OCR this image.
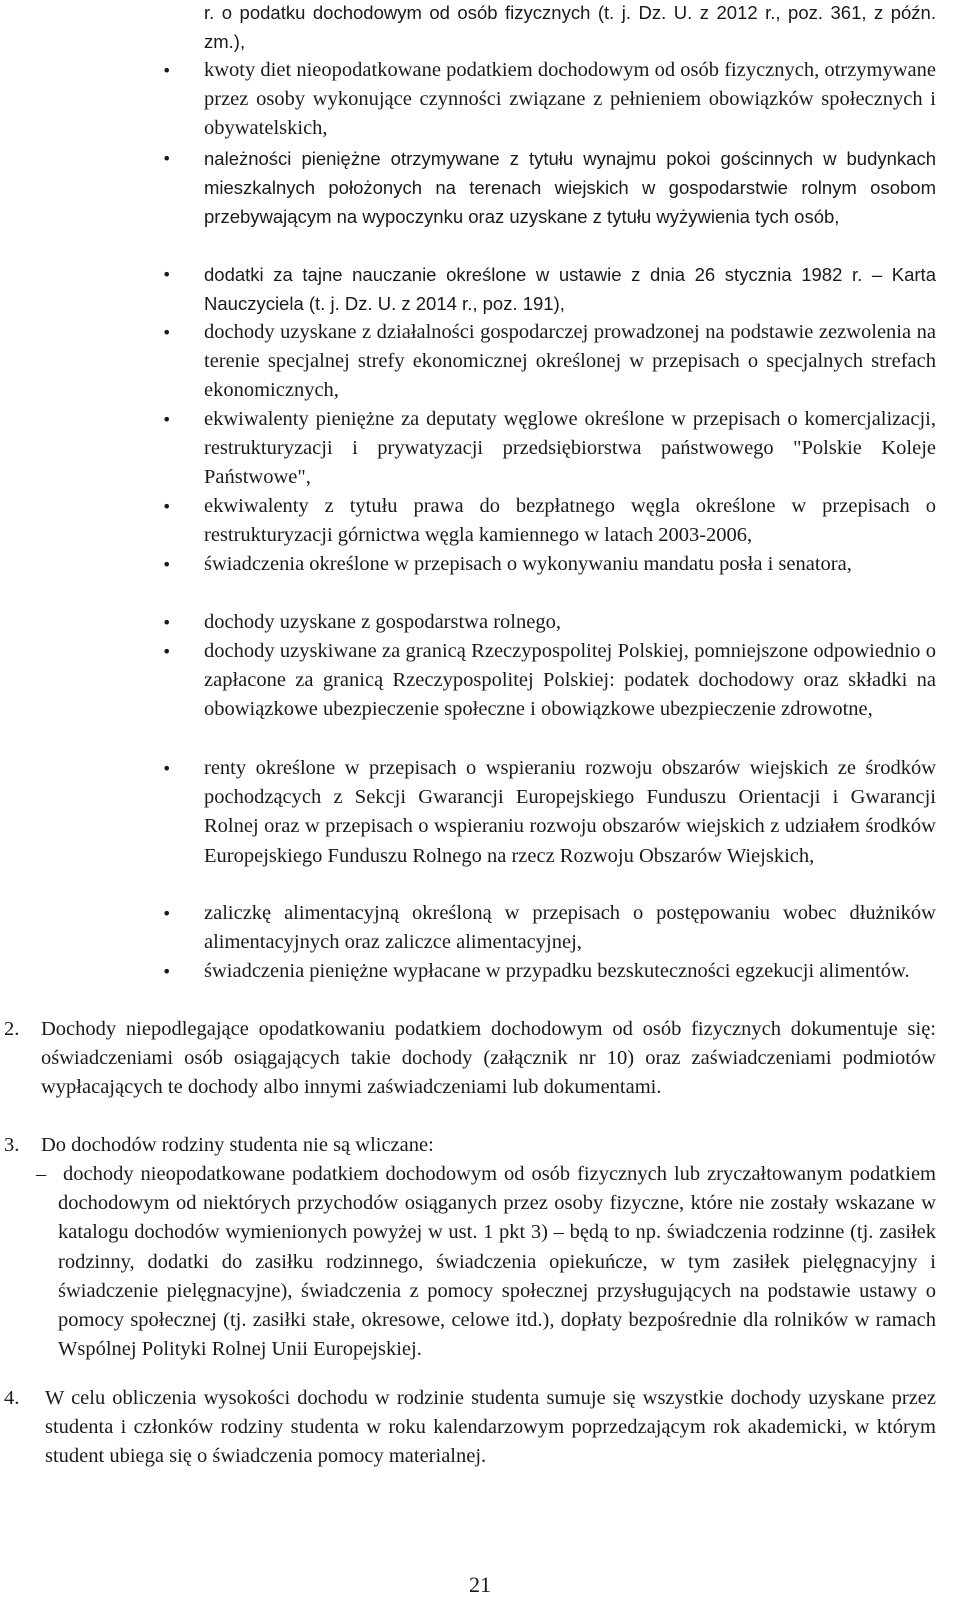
r. o podatku dochodowym od osób fizycznych (t. j. Dz. U. z 2012 r., poz. 361, z późn. zm.),
•	kwoty diet nieopodatkowane podatkiem dochodowym od osób fizycznych, otrzymywane przez osoby wykonujące czynności związane z pełnieniem obowiązków społecznych i obywatelskich,
•	należności pieniężne otrzymywane z tytułu wynajmu pokoi gościnnych w budynkach mieszkalnych położonych na terenach wiejskich w gospodarstwie rolnym osobom przebywającym na wypoczynku oraz uzyskane z tytułu wyżywienia tych osób,
•	dodatki za tajne nauczanie określone w ustawie z dnia 26 stycznia 1982 r. – Karta Nauczyciela (t. j. Dz. U. z 2014 r., poz. 191),
•	dochody uzyskane z działalności gospodarczej prowadzonej na podstawie zezwolenia na terenie specjalnej strefy ekonomicznej określonej w przepisach o specjalnych strefach ekonomicznych,
•	ekwiwalenty pieniężne za deputaty węglowe określone w przepisach o komercjalizacji, restrukturyzacji i prywatyzacji przedsiębiorstwa państwowego "Polskie Koleje Państwowe",
•	ekwiwalenty z tytułu prawa do bezpłatnego węgla określone w przepisach o restrukturyzacji górnictwa węgla kamiennego w latach 2003-2006,
•	świadczenia określone w przepisach o wykonywaniu mandatu posła i senatora,
•	dochody uzyskane z gospodarstwa rolnego,
•	dochody uzyskiwane za granicą Rzeczypospolitej Polskiej, pomniejszone odpowiednio o zapłacone za granicą Rzeczypospolitej Polskiej: podatek dochodowy oraz składki na obowiązkowe ubezpieczenie społeczne i obowiązkowe ubezpieczenie zdrowotne,
•	renty określone w przepisach o wspieraniu rozwoju obszarów wiejskich ze środków pochodzących z Sekcji Gwarancji Europejskiego Funduszu Orientacji i Gwarancji Rolnej oraz w przepisach o wspieraniu rozwoju obszarów wiejskich z udziałem środków Europejskiego Funduszu Rolnego na rzecz Rozwoju Obszarów Wiejskich,
•	zaliczkę alimentacyjną określoną w przepisach o postępowaniu wobec dłużników alimentacyjnych oraz zaliczce alimentacyjnej,
•	świadczenia pieniężne wypłacane w przypadku bezskuteczności egzekucji alimentów.
2.	Dochody niepodlegające opodatkowaniu podatkiem dochodowym od osób fizycznych dokumentuje się: oświadczeniami osób osiągających takie dochody (załącznik nr 10) oraz zaświadczeniami podmiotów wypłacających te dochody albo innymi zaświadczeniami lub dokumentami.
3.	Do dochodów rodziny studenta nie są wliczane:
– dochody nieopodatkowane podatkiem dochodowym od osób fizycznych lub zryczałtowanym podatkiem dochodowym od niektórych przychodów osiąganych przez osoby fizyczne, które nie zostały wskazane w katalogu dochodów wymienionych powyżej w ust. 1 pkt 3) – będą to np. świadczenia rodzinne (tj. zasiłek rodzinny, dodatki do zasiłku rodzinnego, świadczenia opiekuńcze, w tym zasiłek pielęgnacyjny i świadczenie pielęgnacyjne), świadczenia z pomocy społecznej przysługujących na podstawie ustawy o pomocy społecznej (tj. zasiłki stałe, okresowe, celowe itd.), dopłaty bezpośrednie dla rolników w ramach Wspólnej Polityki Rolnej Unii Europejskiej.
4.	W celu obliczenia wysokości dochodu w rodzinie studenta sumuje się wszystkie dochody uzyskane przez studenta i członków rodziny studenta w roku kalendarzowym poprzedzającym rok akademicki, w którym student ubiega się o świadczenia pomocy materialnej.
21
